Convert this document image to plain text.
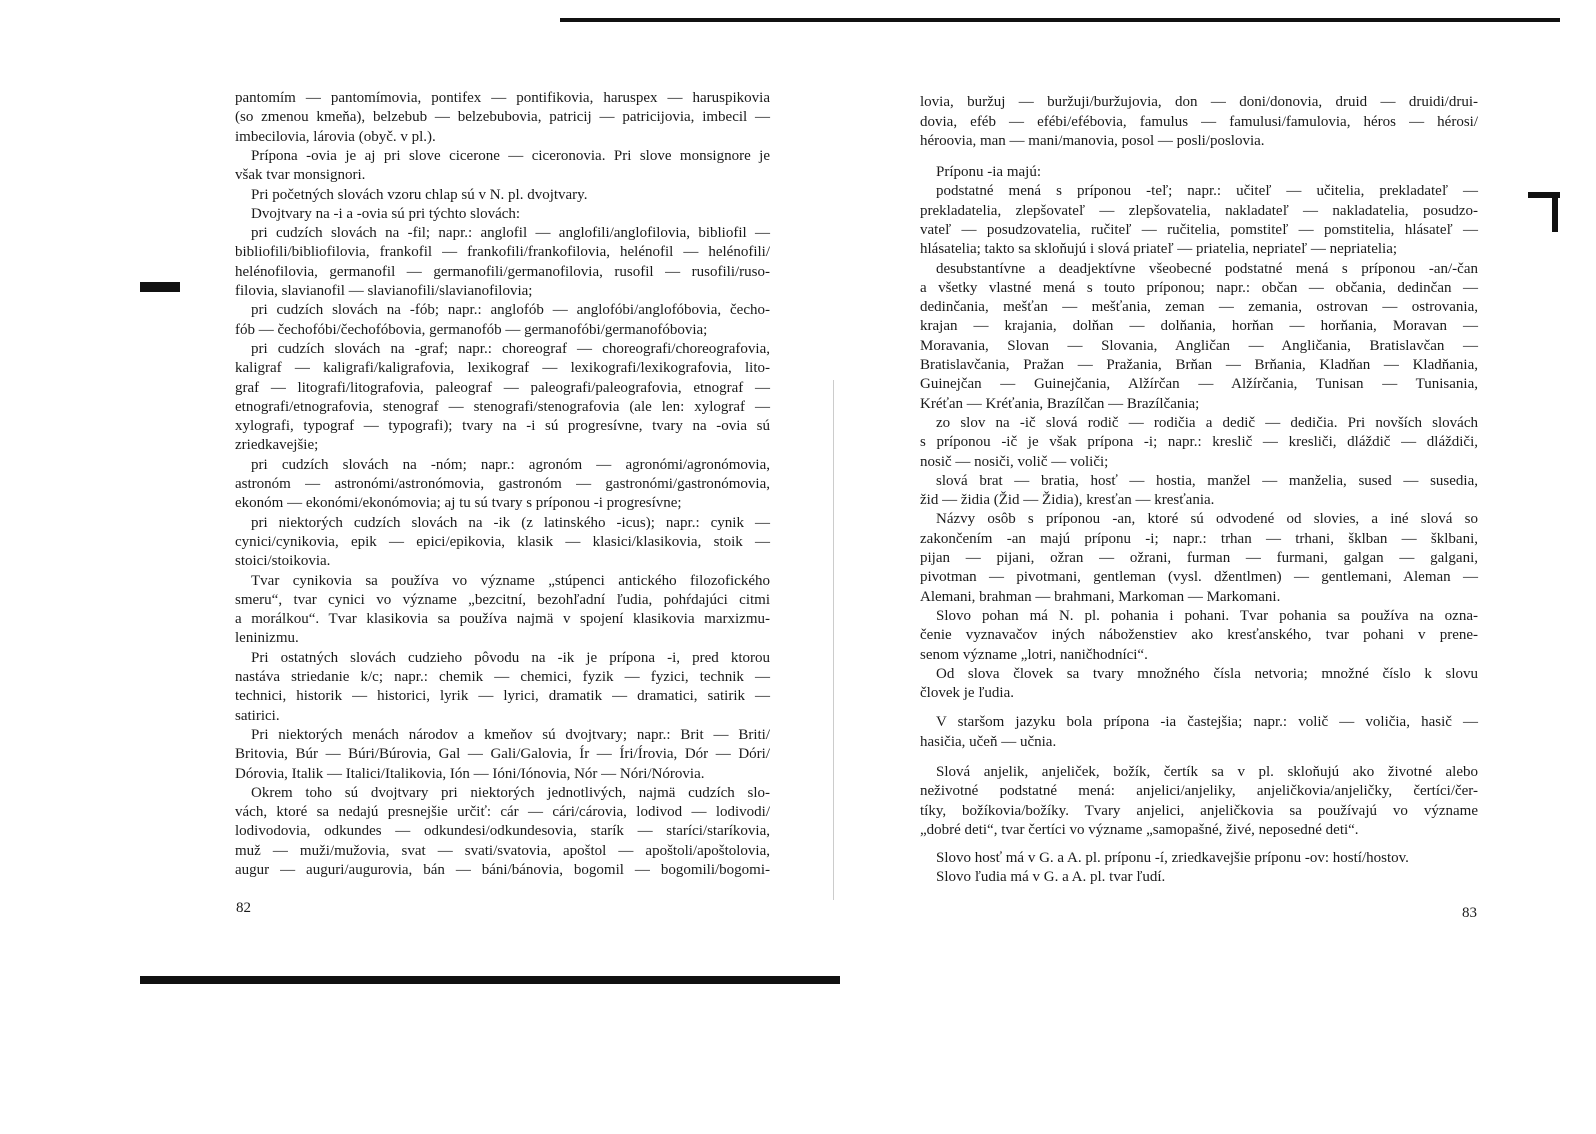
pantomím — pantomímovia, pontifex — pontifikovia, haruspex — haruspikovia
(so zmenou kmeňa), belzebub — belzebubovia, patricij — patricijovia, imbecil —
imbecilovia, lárovia (obyč. v pl.).
Prípona -ovia je aj pri slove cicerone — ciceronovia. Pri slove monsignore je
však tvar monsignori.
Pri početných slovách vzoru chlap sú v N. pl. dvojtvary.
Dvojtvary na -i a -ovia sú pri týchto slovách:
pri cudzích slovách na -fil; napr.: anglofil — anglofili/anglofilovia, bibliofil —
bibliofili/bibliofilovia, frankofil — frankofili/frankofilovia, helénofil — helénofili/
helénofilovia, germanofil — germanofili/germanofilovia, rusofil — rusofili/ruso-
filovia, slavianofil — slavianofili/slavianofilovia;
pri cudzích slovách na -fób; napr.: anglofób — anglofóbi/anglofóbovia, čecho-
fób — čechofóbi/čechofóbovia, germanofób — germanofóbi/germanofóbovia;
pri cudzích slovách na -graf; napr.: choreograf — choreografi/choreografovia,
kaligraf — kaligrafi/kaligrafovia, lexikograf — lexikografi/lexikografovia, lito-
graf — litografi/litografovia, paleograf — paleografi/paleografovia, etnograf —
etnografi/etnografovia, stenograf — stenografi/stenografovia (ale len: xylograf —
xylografi, typograf — typografi); tvary na -i sú progresívne, tvary na -ovia sú
zriedkavejšie;
pri cudzích slovách na -nóm; napr.: agronóm — agronómi/agronómovia,
astronóm — astronómi/astronómovia, gastronóm — gastronómi/gastronómovia,
ekonóm — ekonómi/ekonómovia; aj tu sú tvary s príponou -i progresívne;
pri niektorých cudzích slovách na -ik (z latinského -icus); napr.: cynik —
cynici/cynikovia, epik — epici/epikovia, klasik — klasici/klasikovia, stoik —
stoici/stoikovia.
Tvar cynikovia sa používa vo význame „stúpenci antického filozofického
smeru“, tvar cynici vo význame „bezcitní, bezohľadní ľudia, pohŕdajúci citmi
a morálkou“. Tvar klasikovia sa používa najmä v spojení klasikovia marxizmu-
leninizmu.
Pri ostatných slovách cudzieho pôvodu na -ik je prípona -i, pred ktorou
nastáva striedanie k/c; napr.: chemik — chemici, fyzik — fyzici, technik —
technici, historik — historici, lyrik — lyrici, dramatik — dramatici, satirik —
satirici.
Pri niektorých menách národov a kmeňov sú dvojtvary; napr.: Brit — Briti/
Britovia, Búr — Búri/Búrovia, Gal — Gali/Galovia, Ír — Íri/Írovia, Dór — Dóri/
Dórovia, Italik — Italici/Italikovia, Ión — Ióni/Iónovia, Nór — Nóri/Nórovia.
Okrem toho sú dvojtvary pri niektorých jednotlivých, najmä cudzích slo-
vách, ktoré sa nedajú presnejšie určiť: cár — cári/cárovia, lodivod — lodivodi/
lodivodovia, odkundes — odkundesi/odkundesovia, starík — staríci/staríkovia,
muž — muži/mužovia, svat — svati/svatovia, apoštol — apoštoli/apoštolovia,
augur — auguri/augurovia, bán — báni/bánovia, bogomil — bogomili/bogomi-
lovia, buržuj — buržuji/buržujovia, don — doni/donovia, druid — druidi/drui-
dovia, eféb — efébi/efébovia, famulus — famulusi/famulovia, héros — hérosi/
héroovia, man — mani/manovia, posol — posli/poslovia.
Príponu -ia majú:
podstatné mená s príponou -teľ; napr.: učiteľ — učitelia, prekladateľ —
prekladatelia, zlepšovateľ — zlepšovatelia, nakladateľ — nakladatelia, posudzo-
vateľ — posudzovatelia, ručiteľ — ručitelia, pomstiteľ — pomstitelia, hlásateľ —
hlásatelia; takto sa skloňujú i slová priateľ — priatelia, nepriateľ — nepriatelia;
desubstantívne a deadjektívne všeobecné podstatné mená s príponou -an/-čan
a všetky vlastné mená s touto príponou; napr.: občan — občania, dedinčan —
dedinčania, mešťan — mešťania, zeman — zemania, ostrovan — ostrovania,
krajan — krajania, dolňan — dolňania, horňan — horňania, Moravan —
Moravania, Slovan — Slovania, Angličan — Angličania, Bratislavčan —
Bratislavčania, Pražan — Pražania, Brňan — Brňania, Kladňan — Kladňania,
Guinejčan — Guinejčania, Alžírčan — Alžírčania, Tunisan — Tunisania,
Kréťan — Kréťania, Brazílčan — Brazílčania;
zo slov na -ič slová rodič — rodičia a dedič — dedičia. Pri novších slovách
s príponou -ič je však prípona -i; napr.: kreslič — kresliči, dláždič — dláždiči,
nosič — nosiči, volič — voliči;
slová brat — bratia, hosť — hostia, manžel — manželia, sused — susedia,
žid — židia (Žid — Židia), kresťan — kresťania.
Názvy osôb s príponou -an, ktoré sú odvodené od slovies, a iné slová so
zakončením -an majú príponu -i; napr.: trhan — trhani, šklban — šklbani,
pijan — pijani, ožran — ožrani, furman — furmani, galgan — galgani,
pivotman — pivotmani, gentleman (vysl. džentlmen) — gentlemani, Aleman —
Alemani, brahman — brahmani, Markoman — Markomani.
Slovo pohan má N. pl. pohania i pohani. Tvar pohania sa používa na ozna-
čenie vyznavačov iných náboženstiev ako kresťanského, tvar pohani v prene-
senom význame „lotri, naničhodníci“.
Od slova človek sa tvary množného čísla netvoria; množné číslo k slovu
človek je ľudia.
V staršom jazyku bola prípona -ia častejšia; napr.: volič — voličia, hasič —
hasičia, učeň — učnia.
Slová anjelik, anjeliček, božík, čertík sa v pl. skloňujú ako životné alebo
neživotné podstatné mená: anjelici/anjeliky, anjeličkovia/anjeličky, čertíci/čer-
tíky, božíkovia/božíky. Tvary anjelici, anjeličkovia sa používajú vo význame
„dobré deti“, tvar čertíci vo význame „samopašné, živé, neposedné deti“.
Slovo hosť má v G. a A. pl. príponu -í, zriedkavejšie príponu -ov: hostí/hostov.
Slovo ľudia má v G. a A. pl. tvar ľudí.
82	83
